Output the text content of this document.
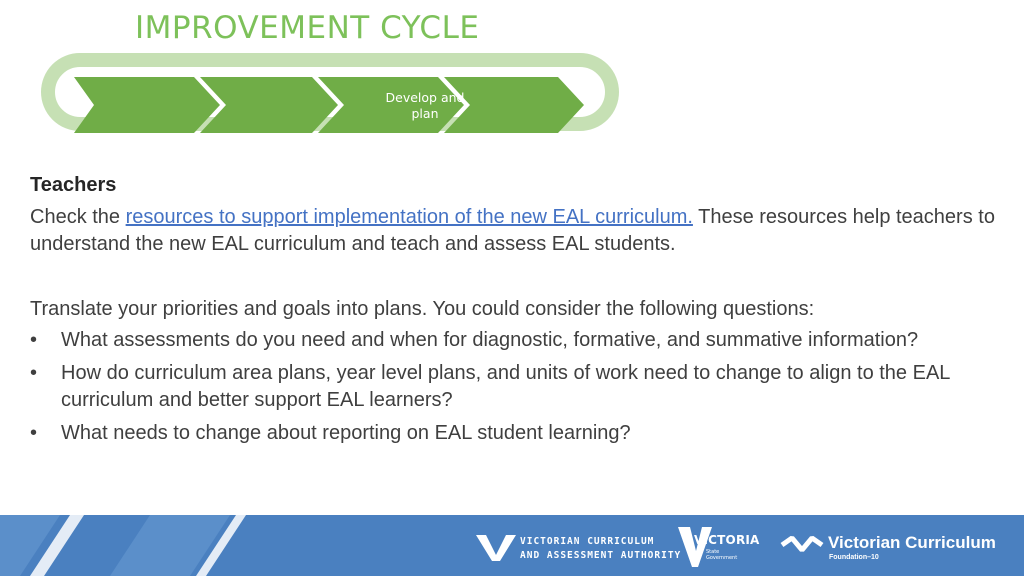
IMPROVEMENT CYCLE
Develop and plan
Teachers

Check the resources to support implementation of the new EAL curriculum. These resources help teachers to understand the new EAL curriculum and teach and assess EAL students.

Translate your priorities and goals into plans. You could consider the following questions:

• What assessments do you need and when for diagnostic, formative, and summative information?
• How do curriculum area plans, year level plans, and units of work need to change to align to the EAL curriculum and better support EAL learners?
• What needs to change about reporting on EAL student learning?
VICTORIAN CURRICULUM
AND ASSESSMENT AUTHORITY
VICTORIA
State
Government
Victorian Curriculum
Foundation–10
